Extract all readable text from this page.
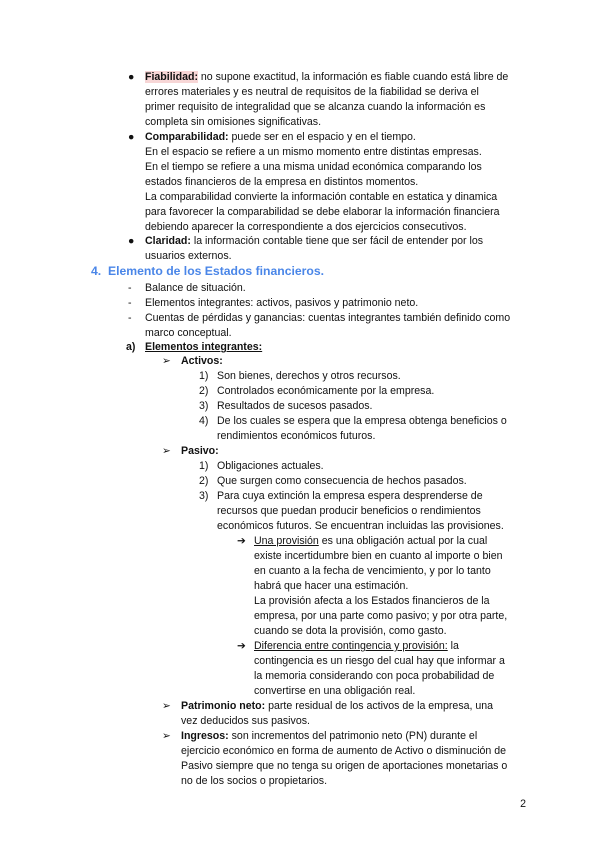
● Fiabilidad: no supone exactitud, la información es fiable cuando está libre de
errores materiales y es neutral de requisitos de la fiabilidad se deriva el
primer requisito de integralidad que se alcanza cuando la información es
completa sin omisiones significativas.
● Comparabilidad: puede ser en el espacio y en el tiempo.
En el espacio se refiere a un mismo momento entre distintas empresas.
En el tiempo se refiere a una misma unidad económica comparando los
estados financieros de la empresa en distintos momentos.
La comparabilidad convierte la información contable en estatica y dinamica
para favorecer la comparabilidad se debe elaborar la información financiera
debiendo aparecer la correspondiente a dos ejercicios consecutivos.
● Claridad: la información contable tiene que ser fácil de entender por los
usuarios externos.
4. Elemento de los Estados financieros.
- Balance de situación.
- Elementos integrantes: activos, pasivos y patrimonio neto.
- Cuentas de pérdidas y ganancias: cuentas integrantes también definido como
marco conceptual.
a) Elementos integrantes:
➢ Activos:
1) Son bienes, derechos y otros recursos.
2) Controlados económicamente por la empresa.
3) Resultados de sucesos pasados.
4) De los cuales se espera que la empresa obtenga beneficios o
rendimientos económicos futuros.
➢ Pasivo:
1) Obligaciones actuales.
2) Que surgen como consecuencia de hechos pasados.
3) Para cuya extinción la empresa espera desprenderse de
recursos que puedan producir beneficios o rendimientos
económicos futuros. Se encuentran incluidas las provisiones.
➔ Una provisión es una obligación actual por la cual
existe incertidumbre bien en cuanto al importe o bien
en cuanto a la fecha de vencimiento, y por lo tanto
habrá que hacer una estimación.
La provisión afecta a los Estados financieros de la
empresa, por una parte como pasivo; y por otra parte,
cuando se dota la provisión, como gasto.
➔ Diferencia entre contingencia y provisión: la
contingencia es un riesgo del cual hay que informar a
la memoria considerando con poca probabilidad de
convertirse en una obligación real.
➢ Patrimonio neto: parte residual de los activos de la empresa, una
vez deducidos sus pasivos.
➢ Ingresos: son incrementos del patrimonio neto (PN) durante el
ejercicio económico en forma de aumento de Activo o disminución de
Pasivo siempre que no tenga su origen de aportaciones monetarias o
no de los socios o propietarios.
2
